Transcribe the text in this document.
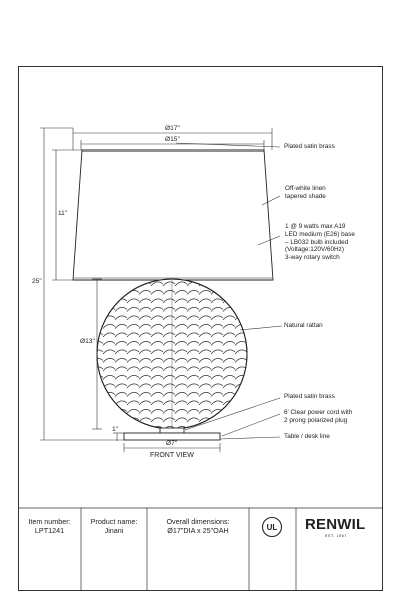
Ø17"
Ø15"
11"
25"
Ø13"
1"
Ø7"
FRONT VIEW
Plated satin brass
Off-white linen
tapered shade
1 @ 9 watts max A19
LED medium (E26) base
– LB032 bulb included
(Voltage:120V/60Hz)
3-way rotary switch
Natural rattan
Plated satin brass
6' Clear power cord with
2 prong polarized plug
Table / desk line
Item number:
LPT1241
Product name:
Jinani
Overall dimensions:
Ø17"DIA x 25"OAH	UL RENWIL
EST. 1967
